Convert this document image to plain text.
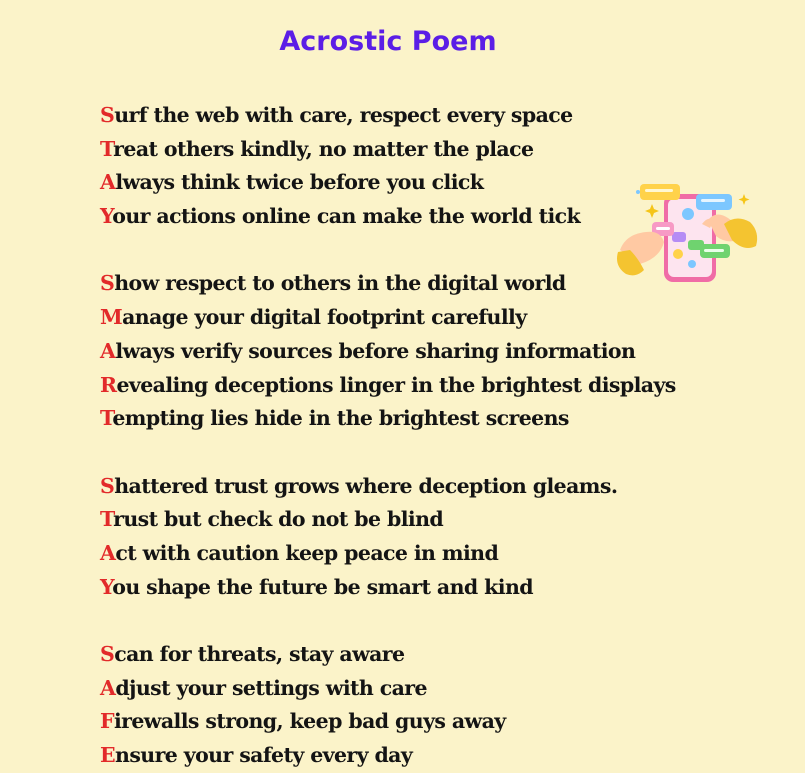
Acrostic Poem
Surf the web with care, respect every space
Treat others kindly, no matter the place
Always think twice before you click
Your actions online can make the world tick
Show respect to others in the digital world
Manage your digital footprint carefully
Always verify sources before sharing information
Revealing deceptions linger in the brightest displays
Tempting lies hide in the brightest screens
Shattered trust grows where deception gleams.
Trust but check do not be blind
Act with caution keep peace in mind
You shape the future be smart and kind
Scan for threats, stay aware
Adjust your settings with care
Firewalls strong, keep bad guys away
Ensure your safety every day
